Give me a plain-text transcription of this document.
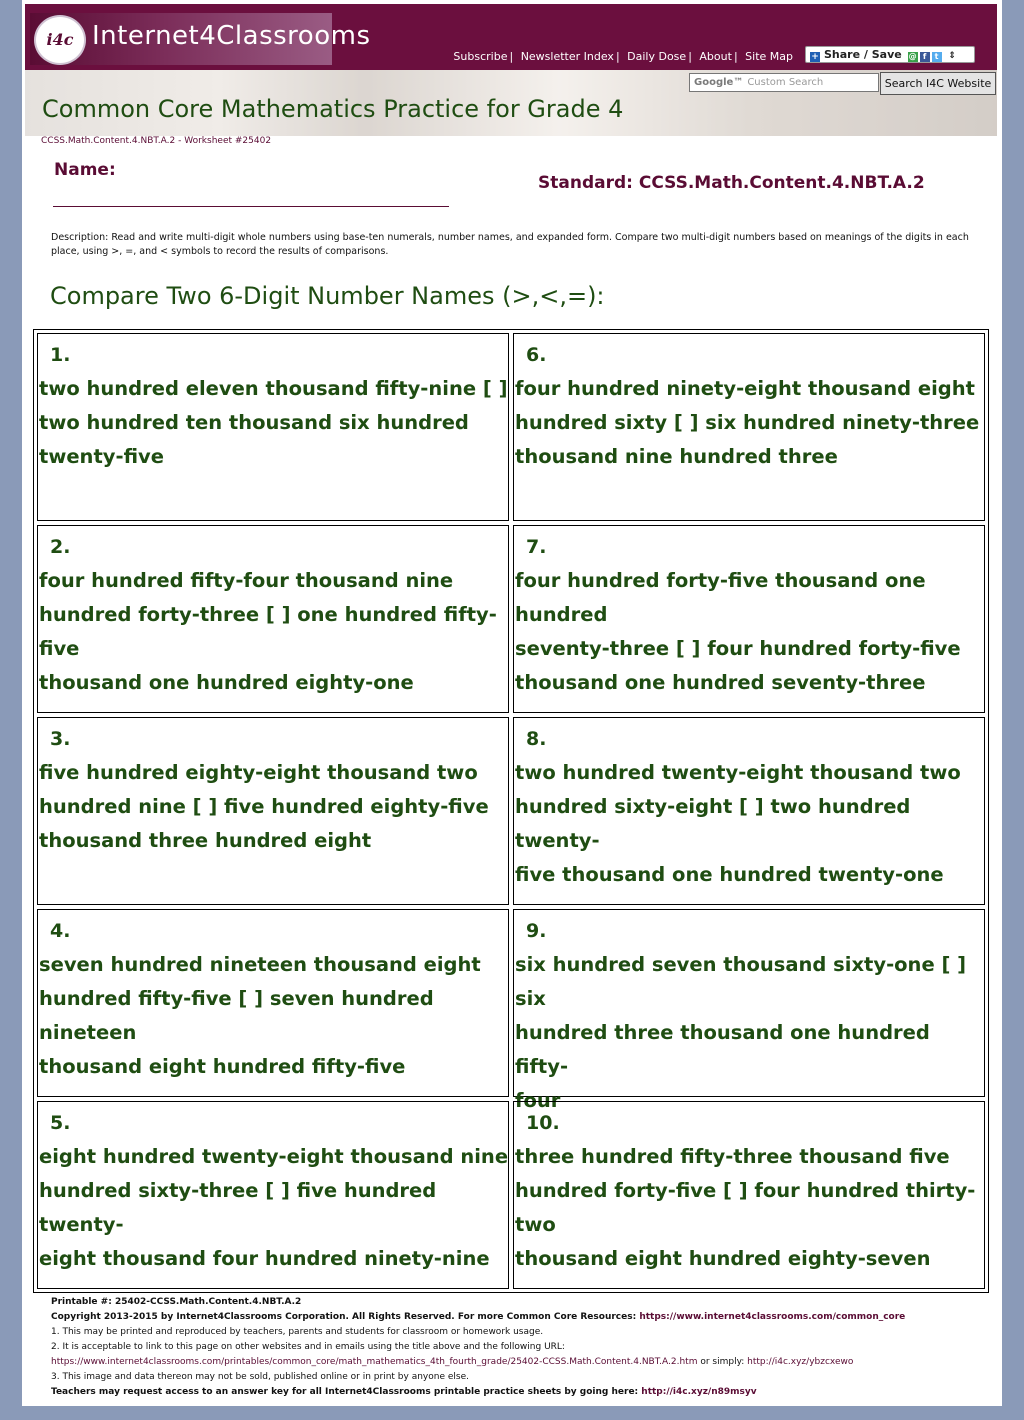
i4c Internet4Classrooms
Subscribe | Newsletter Index | Daily Dose | About | Site Map	+ Share / Save @ f t ⇕
Google™ Custom Search	Search I4C Website
Common Core Mathematics Practice for Grade 4
CCSS.Math.Content.4.NBT.A.2 - Worksheet #25402
Name:
Standard: CCSS.Math.Content.4.NBT.A.2
Description: Read and write multi-digit whole numbers using base-ten numerals, number names, and expanded form. Compare two multi-digit numbers based on meanings of the digits in each place, using >, =, and < symbols to record the results of comparisons.
Compare Two 6-Digit Number Names (>,<,=):
1.
two hundred eleven thousand fifty-nine [ ]
two hundred ten thousand six hundred
twenty-five
2.
four hundred fifty-four thousand nine
hundred forty-three [ ] one hundred fifty-five
thousand one hundred eighty-one
3.
five hundred eighty-eight thousand two
hundred nine [ ] five hundred eighty-five
thousand three hundred eight
4.
seven hundred nineteen thousand eight
hundred fifty-five [ ] seven hundred nineteen
thousand eight hundred fifty-five
5.
eight hundred twenty-eight thousand nine
hundred sixty-three [ ] five hundred twenty-
eight thousand four hundred ninety-nine
6.
four hundred ninety-eight thousand eight
hundred sixty [ ] six hundred ninety-three
thousand nine hundred three
7.
four hundred forty-five thousand one hundred
seventy-three [ ] four hundred forty-five
thousand one hundred seventy-three
8.
two hundred twenty-eight thousand two
hundred sixty-eight [ ] two hundred twenty-
five thousand one hundred twenty-one
9.
six hundred seven thousand sixty-one [ ] six
hundred three thousand one hundred fifty-
four
10.
three hundred fifty-three thousand five
hundred forty-five [ ] four hundred thirty-two
thousand eight hundred eighty-seven
Printable #: 25402-CCSS.Math.Content.4.NBT.A.2
Copyright 2013-2015 by Internet4Classrooms Corporation. All Rights Reserved. For more Common Core Resources: https://www.internet4classrooms.com/common_core
1. This may be printed and reproduced by teachers, parents and students for classroom or homework usage.
2. It is acceptable to link to this page on other websites and in emails using the title above and the following URL:
https://www.internet4classrooms.com/printables/common_core/math_mathematics_4th_fourth_grade/25402-CCSS.Math.Content.4.NBT.A.2.htm or simply: http://i4c.xyz/ybzcxewo
3. This image and data thereon may not be sold, published online or in print by anyone else.
Teachers may request access to an answer key for all Internet4Classrooms printable practice sheets by going here: http://i4c.xyz/n89msyv
